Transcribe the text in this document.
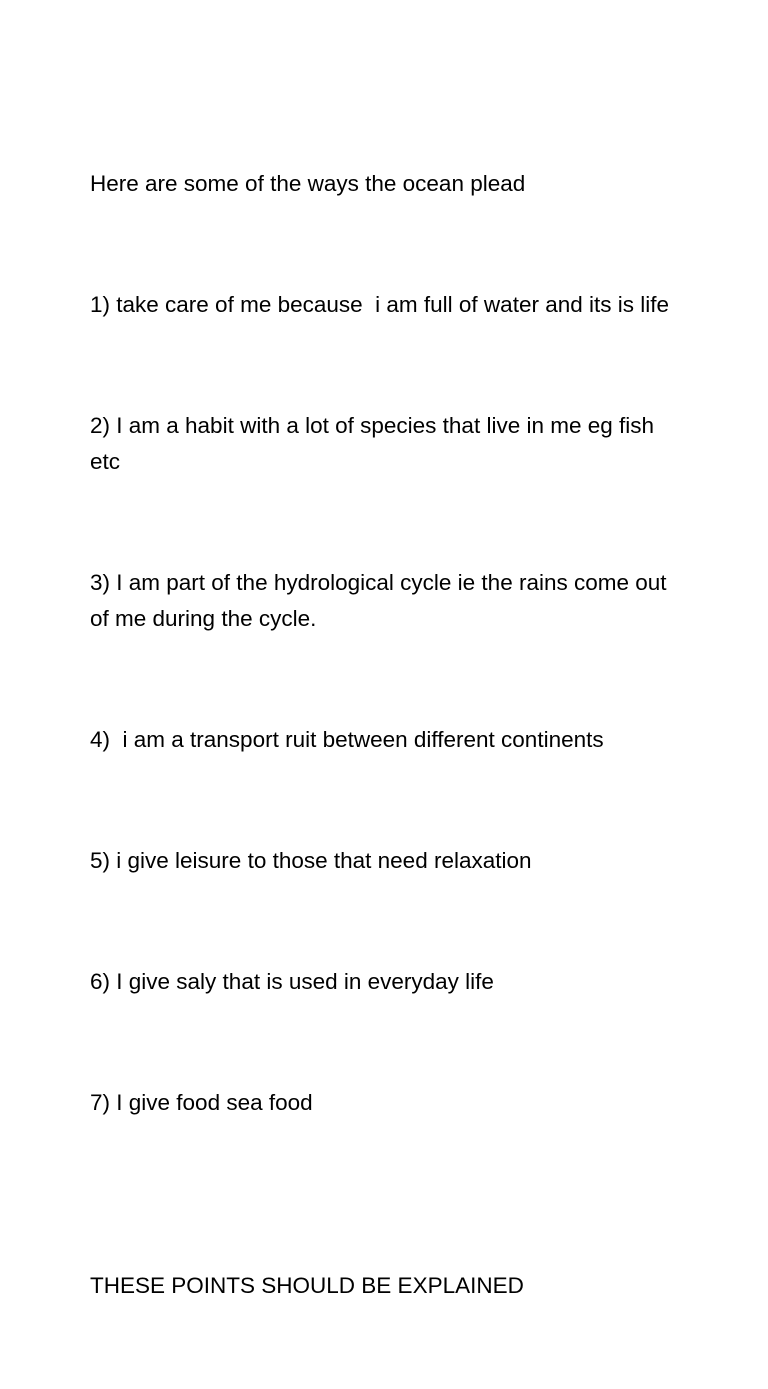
Here are some of the ways the ocean plead

1) take care of me because  i am full of water and its is life

2) I am a habit with a lot of species that live in me eg fish etc

3) I am part of the hydrological cycle ie the rains come out of me during the cycle.

4)  i am a transport ruit between different continents

5) i give leisure to those that need relaxation

6) I give saly that is used in everyday life

7) I give food sea food

THESE POINTS SHOULD BE EXPLAINED
